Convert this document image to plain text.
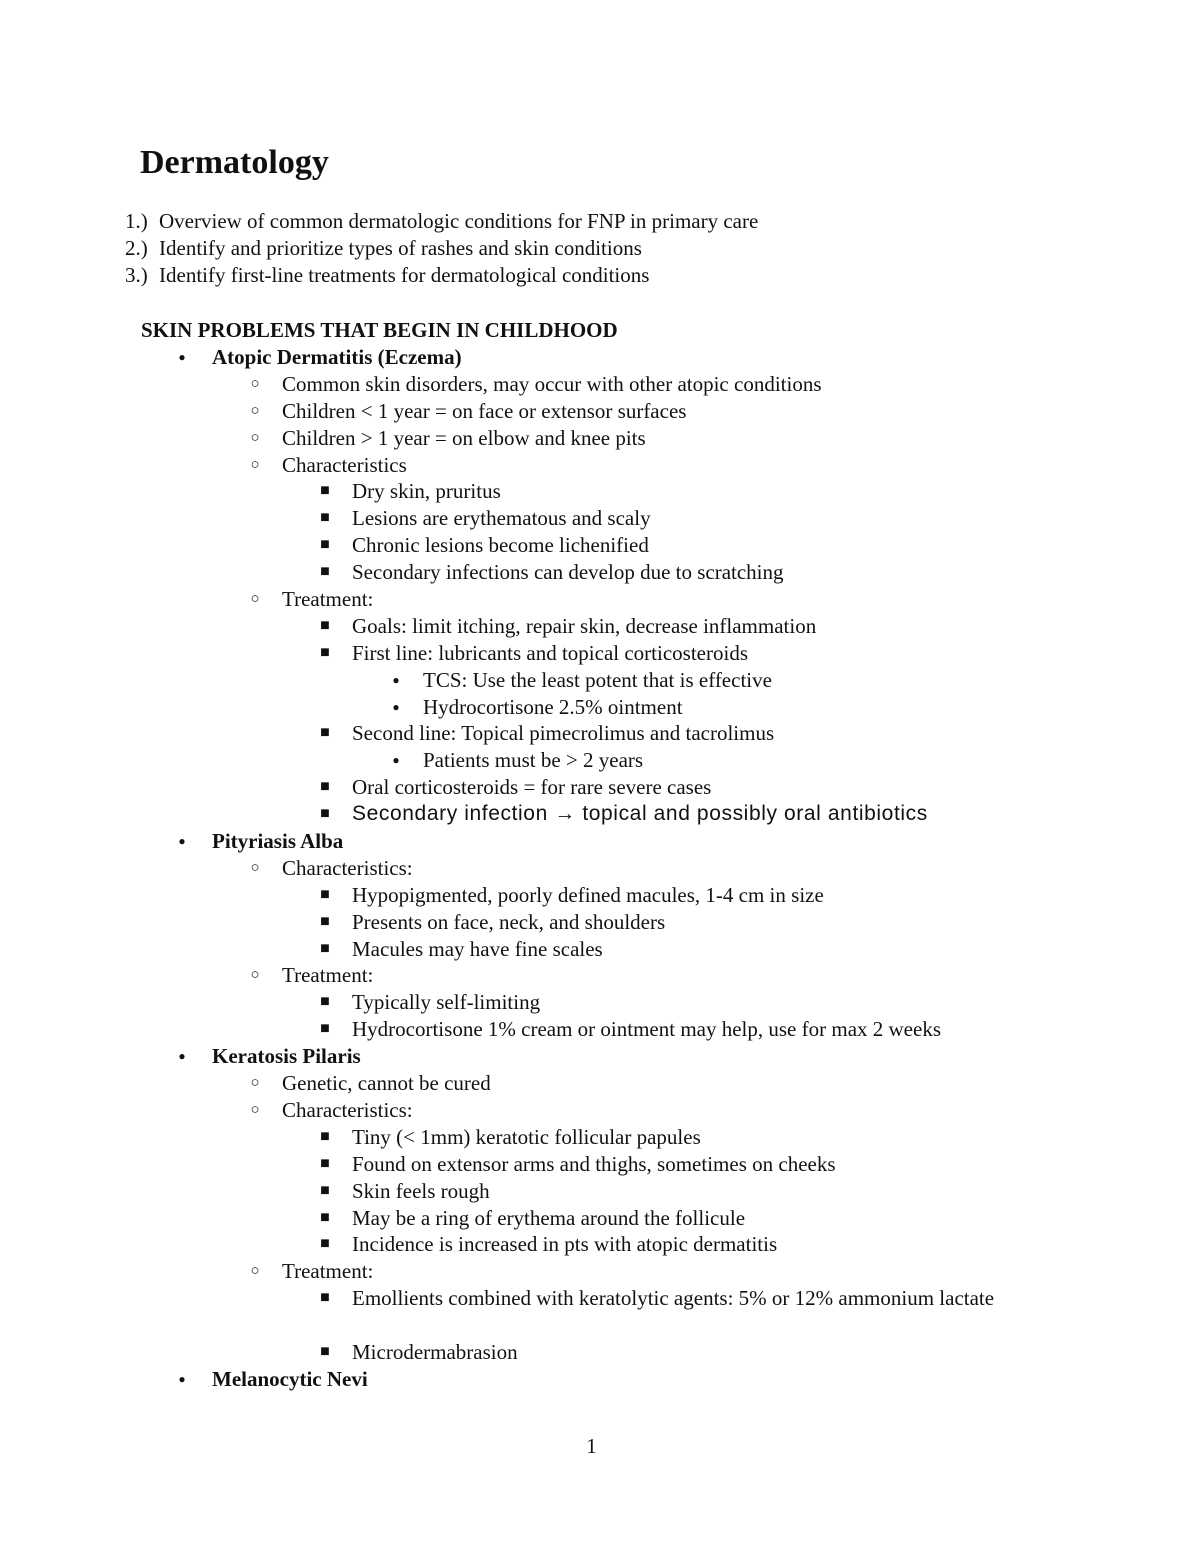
Dermatology
1.) Overview of common dermatologic conditions for FNP in primary care
2.) Identify and prioritize types of rashes and skin conditions
3.) Identify first-line treatments for dermatological conditions
SKIN PROBLEMS THAT BEGIN IN CHILDHOOD
●	Atopic Dermatitis (Eczema)
○ Common skin disorders, may occur with other atopic conditions
○ Children < 1 year = on face or extensor surfaces
○ Children > 1 year = on elbow and knee pits
○ Characteristics
■ Dry skin, pruritus
■ Lesions are erythematous and scaly
■ Chronic lesions become lichenified
■ Secondary infections can develop due to scratching
○ Treatment:
■ Goals: limit itching, repair skin, decrease inflammation
■ First line: lubricants and topical corticosteroids
●	TCS: Use the least potent that is effective
●	Hydrocortisone 2.5% ointment
■ Second line: Topical pimecrolimus and tacrolimus
●	Patients must be > 2 years
■ Oral corticosteroids = for rare severe cases
■ Secondary infection → topical and possibly oral antibiotics
●	Pityriasis Alba
○ Characteristics:
■ Hypopigmented, poorly defined macules, 1-4 cm in size
■ Presents on face, neck, and shoulders
■ Macules may have fine scales
○ Treatment:
■ Typically self-limiting
■ Hydrocortisone 1% cream or ointment may help, use for max 2 weeks
●	Keratosis Pilaris
○ Genetic, cannot be cured
○ Characteristics:
■ Tiny (< 1mm) keratotic follicular papules
■ Found on extensor arms and thighs, sometimes on cheeks
■ Skin feels rough
■ May be a ring of erythema around the follicule
■ Incidence is increased in pts with atopic dermatitis
○ Treatment:
■ Emollients combined with keratolytic agents: 5% or 12% ammonium lactate
■ Microdermabrasion
●	Melanocytic Nevi
1
